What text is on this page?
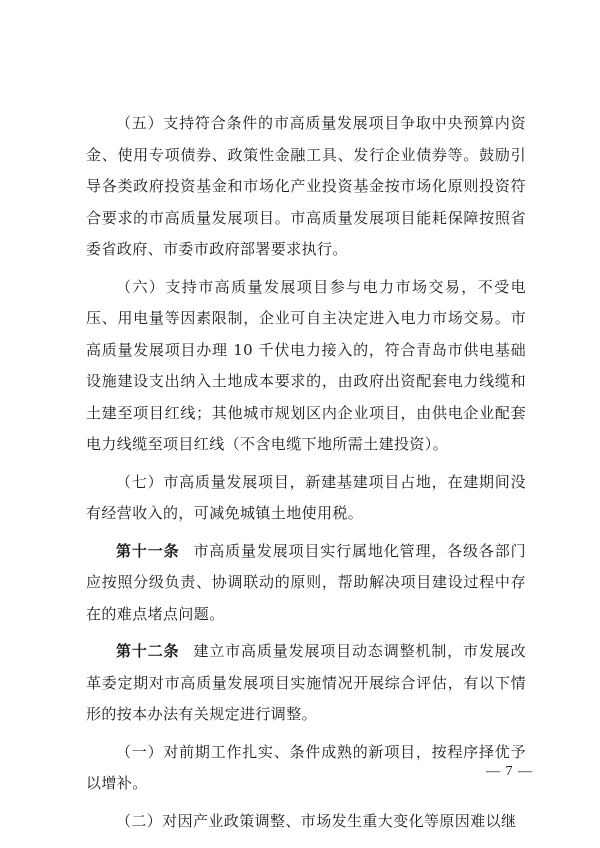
（五）支持符合条件的市高质量发展项目争取中央预算内资金、使用专项债券、政策性金融工具、发行企业债券等。鼓励引导各类政府投资基金和市场化产业投资基金按市场化原则投资符合要求的市高质量发展项目。市高质量发展项目能耗保障按照省委省政府、市委市政府部署要求执行。

（六）支持市高质量发展项目参与电力市场交易，不受电压、用电量等因素限制，企业可自主决定进入电力市场交易。市高质量发展项目办理 10 千伏电力接入的，符合青岛市供电基础设施建设支出纳入土地成本要求的，由政府出资配套电力线缆和土建至项目红线；其他城市规划区内企业项目，由供电企业配套电力线缆至项目红线（不含电缆下地所需土建投资）。

（七）市高质量发展项目，新建基建项目占地，在建期间没有经营收入的，可减免城镇土地使用税。

第十一条 市高质量发展项目实行属地化管理，各级各部门应按照分级负责、协调联动的原则，帮助解决项目建设过程中存在的难点堵点问题。

第十二条 建立市高质量发展项目动态调整机制，市发展改革委定期对市高质量发展项目实施情况开展综合评估，有以下情形的按本办法有关规定进行调整。

（一）对前期工作扎实、条件成熟的新项目，按程序择优予以增补。

（二）对因产业政策调整、市场发生重大变化等原因难以继

— 7 —
